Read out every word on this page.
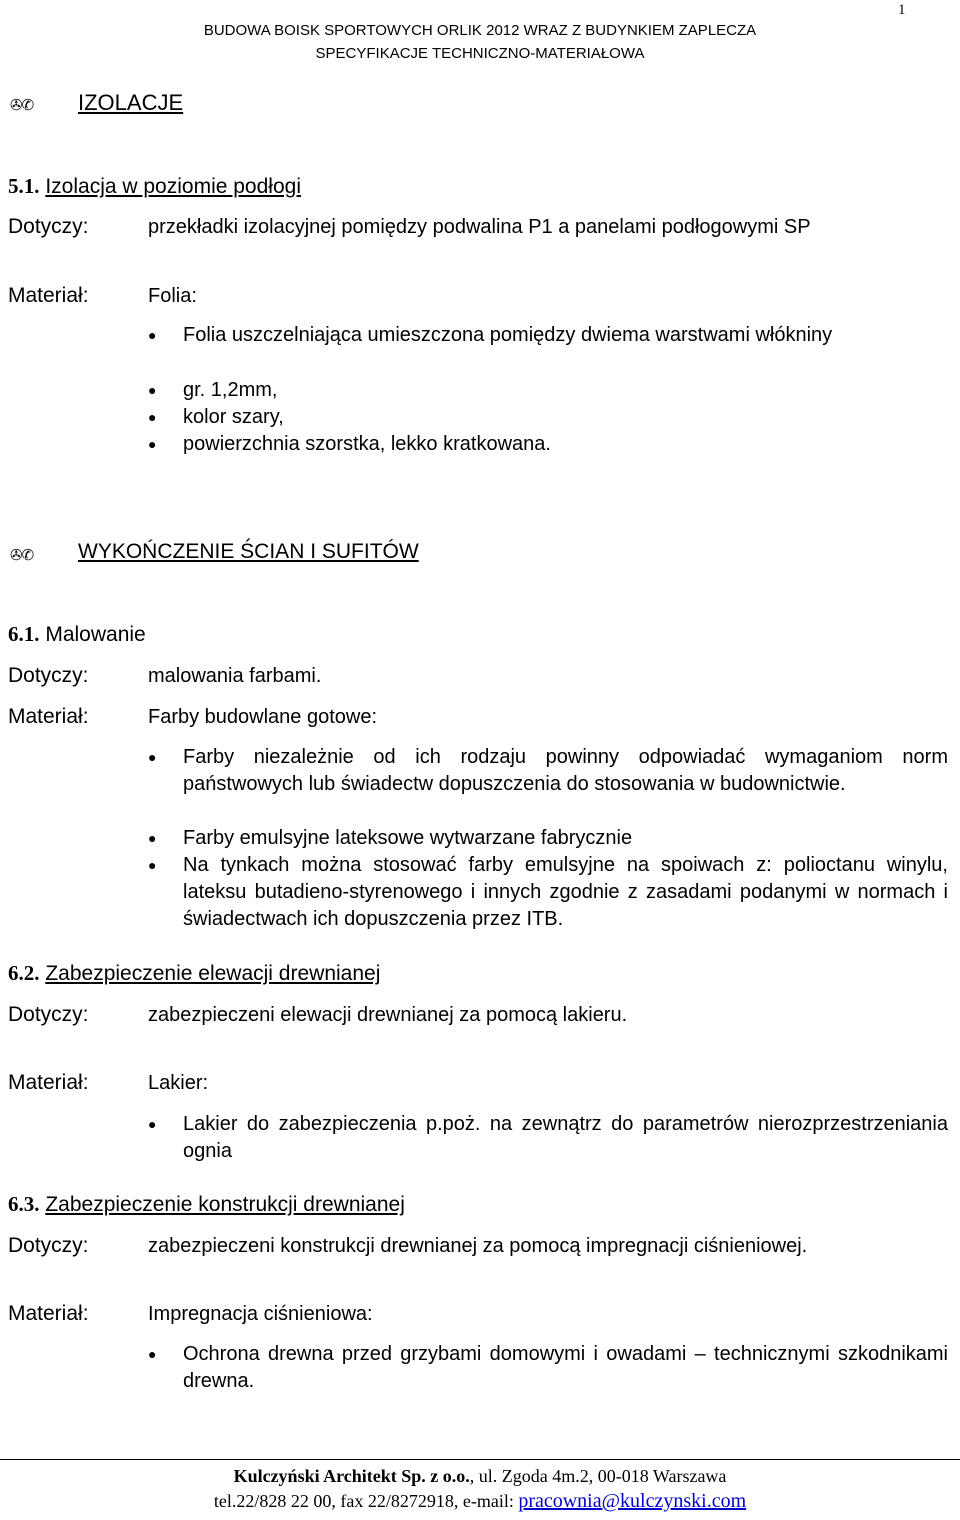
1
BUDOWA BOISK SPORTOWYCH ORLIK 2012 WRAZ Z BUDYNKIEM ZAPLECZA
SPECYFIKACJE TECHNICZNO-MATERIAŁOWA
✇✆ IZOLACJE
5.1. Izolacja w poziomie podłogi
Dotyczy:	przekładki izolacyjnej pomiędzy podwalina P1 a panelami podłogowymi SP
Materiał:	Folia:
● Folia uszczelniająca umieszczona pomiędzy dwiema warstwami włókniny
● gr. 1,2mm,
● kolor szary,
● powierzchnia szorstka, lekko kratkowana.
✇✆ WYKOŃCZENIE ŚCIAN I SUFITÓW
6.1. Malowanie
Dotyczy:	malowania farbami.
Materiał:	Farby budowlane gotowe:
● Farby niezależnie od ich rodzaju powinny odpowiadać wymaganiom norm państwowych lub świadectw dopuszczenia do stosowania w budownictwie.
● Farby emulsyjne lateksowe wytwarzane fabrycznie
● Na tynkach można stosować farby emulsyjne na spoiwach z: polioctanu winylu, lateksu butadieno-styrenowego i innych zgodnie z zasadami podanymi w normach i świadectwach ich dopuszczenia przez ITB.
6.2. Zabezpieczenie elewacji drewnianej
Dotyczy:	zabezpieczeni elewacji drewnianej za pomocą lakieru.
Materiał:	Lakier:
● Lakier do zabezpieczenia p.poż. na zewnątrz do parametrów nierozprzestrzeniania ognia
6.3. Zabezpieczenie konstrukcji drewnianej
Dotyczy:	zabezpieczeni konstrukcji drewnianej za pomocą impregnacji ciśnieniowej.
Materiał:	Impregnacja ciśnieniowa:
● Ochrona drewna przed grzybami domowymi i owadami – technicznymi szkodnikami drewna.
Kulczyński Architekt Sp. z o.o., ul. Zgoda 4m.2, 00-018 Warszawa
tel.22/828 22 00, fax 22/8272918, e-mail: pracownia@kulczynski.com
